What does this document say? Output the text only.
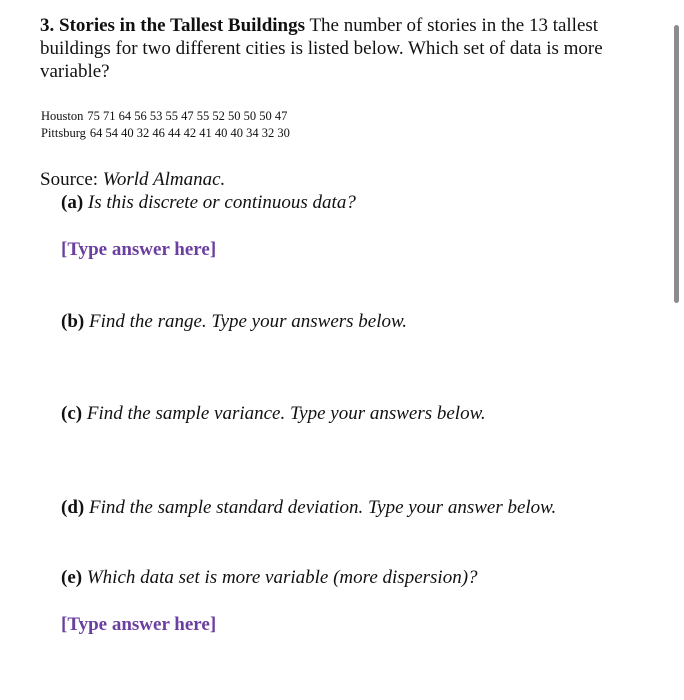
3. Stories in the Tallest Buildings The number of stories in the 13 tallest buildings for two different cities is listed below. Which set of data is more variable?
Houston 75 71 64 56 53 55 47 55 52 50 50 50 47
Pittsburg 64 54 40 32 46 44 42 41 40 40 34 32 30
Source: World Almanac.
(a) Is this discrete or continuous data?
[Type answer here]
(b) Find the range. Type your answers below.
(c) Find the sample variance. Type your answers below.
(d) Find the sample standard deviation. Type your answer below.
(e) Which data set is more variable (more dispersion)?
[Type answer here]
